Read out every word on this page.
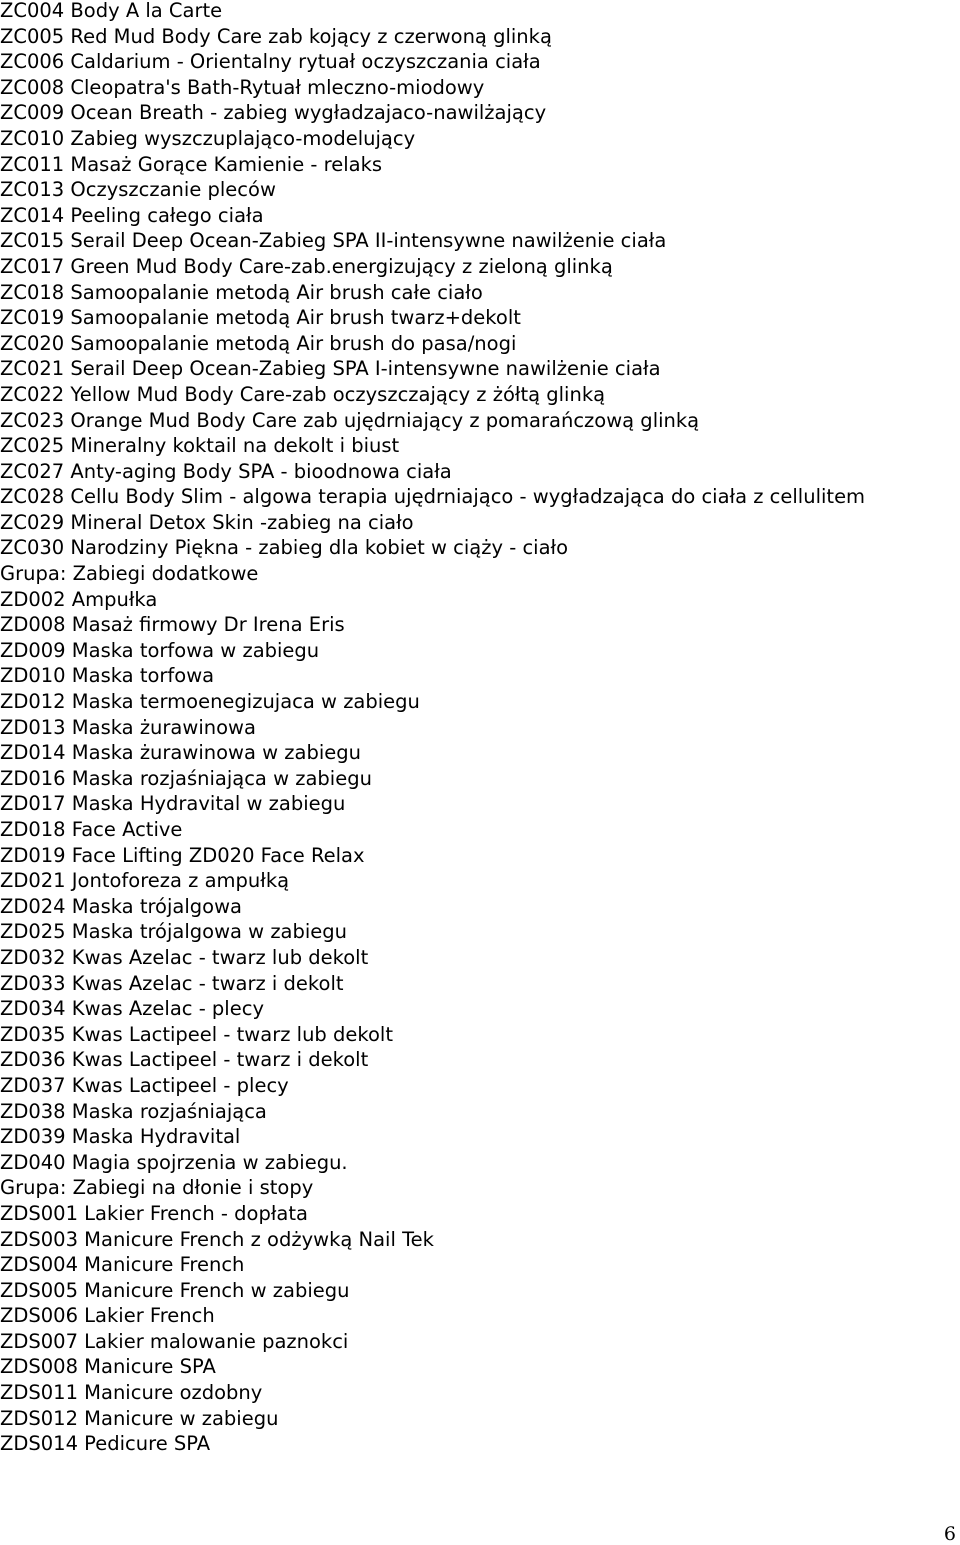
ZC004 Body A la Carte
ZC005 Red Mud Body Care zab kojący z czerwoną glinką
ZC006 Caldarium - Orientalny rytuał oczyszczania ciała
ZC008 Cleopatra's Bath-Rytuał mleczno-miodowy
ZC009 Ocean Breath - zabieg wygładzajaco-nawilżający
ZC010 Zabieg wyszczuplająco-modelujący
ZC011 Masaż Gorące Kamienie - relaks
ZC013 Oczyszczanie pleców
ZC014 Peeling całego ciała
ZC015 Serail Deep Ocean-Zabieg SPA II-intensywne nawilżenie ciała
ZC017 Green Mud Body Care-zab.energizujący z zieloną glinką
ZC018 Samoopalanie metodą Air brush całe ciało
ZC019 Samoopalanie metodą Air brush twarz+dekolt
ZC020 Samoopalanie metodą Air brush do pasa/nogi
ZC021 Serail Deep Ocean-Zabieg SPA I-intensywne nawilżenie ciała
ZC022 Yellow Mud Body Care-zab oczyszczający z żółtą glinką
ZC023 Orange Mud Body Care zab ujędrniający z pomarańczową glinką
ZC025 Mineralny koktail na dekolt i biust
ZC027 Anty-aging Body SPA - bioodnowa ciała
ZC028 Cellu Body Slim - algowa terapia ujędrniająco - wygładzająca do ciała z cellulitem
ZC029 Mineral Detox Skin -zabieg na ciało
ZC030 Narodziny Piękna - zabieg dla kobiet w ciąży - ciało
Grupa: Zabiegi dodatkowe
ZD002 Ampułka
ZD008 Masaż firmowy Dr Irena Eris
ZD009 Maska torfowa w zabiegu
ZD010 Maska torfowa
ZD012 Maska termoenegizujaca w zabiegu
ZD013 Maska żurawinowa
ZD014 Maska żurawinowa w zabiegu
ZD016 Maska rozjaśniająca w zabiegu
ZD017 Maska Hydravital w zabiegu
ZD018 Face Active
ZD019 Face Lifting ZD020 Face Relax
ZD021 Jontoforeza z ampułką
ZD024 Maska trójalgowa
ZD025 Maska trójalgowa w zabiegu
ZD032 Kwas Azelac - twarz lub dekolt
ZD033 Kwas Azelac - twarz i dekolt
ZD034 Kwas Azelac - plecy
ZD035 Kwas Lactipeel - twarz lub dekolt
ZD036 Kwas Lactipeel - twarz i dekolt
ZD037 Kwas Lactipeel - plecy
ZD038 Maska rozjaśniająca
ZD039 Maska Hydravital
ZD040 Magia spojrzenia w zabiegu.
Grupa: Zabiegi na dłonie i stopy
ZDS001 Lakier French - dopłata
ZDS003 Manicure French z odżywką Nail Tek
ZDS004 Manicure French
ZDS005 Manicure French w zabiegu
ZDS006 Lakier French
ZDS007 Lakier malowanie paznokci
ZDS008 Manicure SPA
ZDS011 Manicure ozdobny
ZDS012 Manicure w zabiegu
ZDS014 Pedicure SPA
6
